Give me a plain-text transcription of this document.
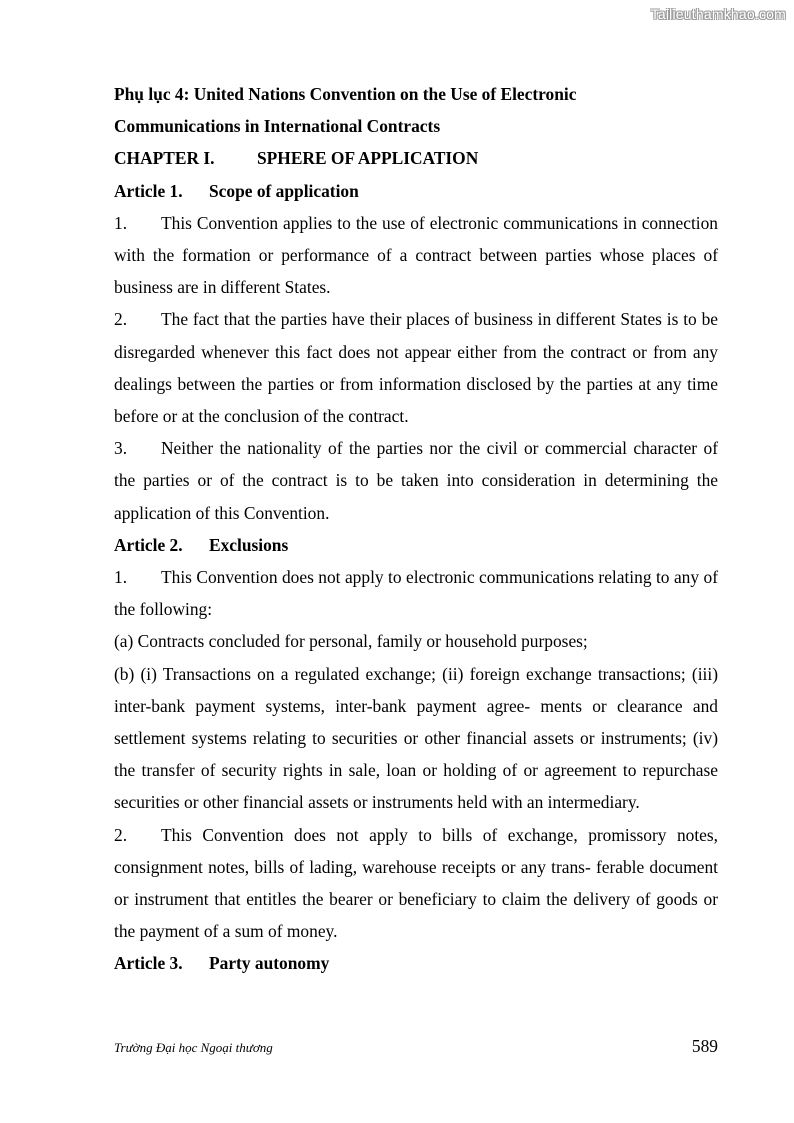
Tailieuthamkhao.com

Phụ lục 4: United Nations Convention on the Use of Electronic

Communications in International Contracts

CHAPTER I. SPHERE OF APPLICATION

Article 1. Scope of application

1. This Convention applies to the use of electronic communications in connection with the formation or performance of a contract between parties whose places of business are in different States.

2. The fact that the parties have their places of business in different States is to be disregarded whenever this fact does not appear either from the contract or from any dealings between the parties or from information disclosed by the parties at any time before or at the conclusion of the contract.

3. Neither the nationality of the parties nor the civil or commercial character of the parties or of the contract is to be taken into consideration in determining the application of this Convention.

Article 2. Exclusions

1. This Convention does not apply to electronic communications relating to any of the following:

(a) Contracts concluded for personal, family or household purposes;

(b) (i) Transactions on a regulated exchange; (ii) foreign exchange transactions; (iii) inter-bank payment systems, inter-bank payment agree- ments or clearance and settlement systems relating to securities or other financial assets or instruments; (iv) the transfer of security rights in sale, loan or holding of or agreement to repurchase securities or other financial assets or instruments held with an intermediary.

2. This Convention does not apply to bills of exchange, promissory notes, consignment notes, bills of lading, warehouse receipts or any trans- ferable document or instrument that entitles the bearer or beneficiary to claim the delivery of goods or the payment of a sum of money.

Article 3. Party autonomy

Trường Đại học Ngoại thương	589
